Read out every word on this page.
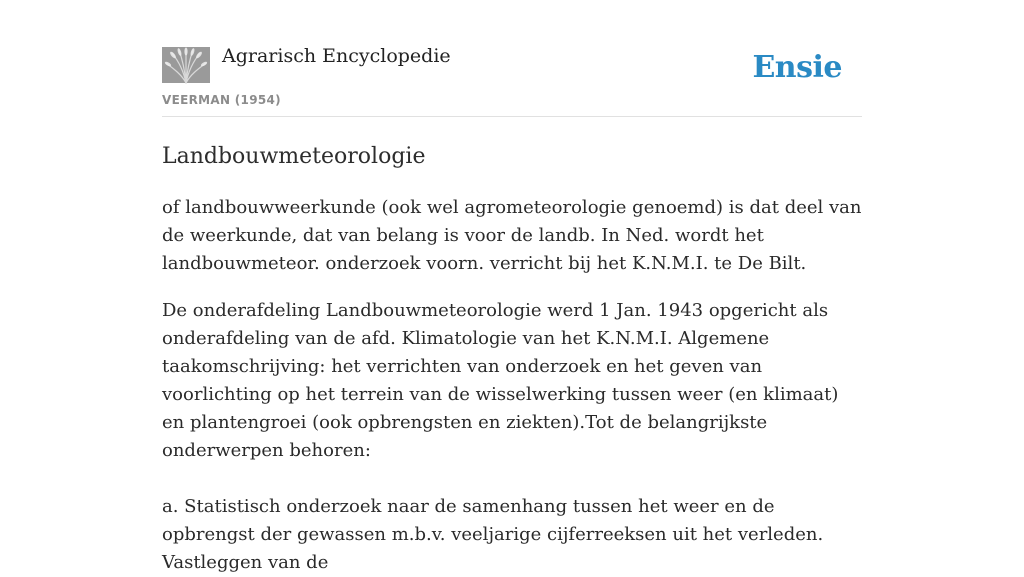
Agrarisch Encyclopedie
VEERMAN (1954)
Ensie
Landbouwmeteorologie

of landbouwweerkunde (ook wel agrometeorologie genoemd) is dat deel van de weerkunde, dat van belang is voor de landb. In Ned. wordt het landbouwmeteor. onderzoek voorn. verricht bij het K.N.M.I. te De Bilt.

De onderafdeling Landbouwmeteorologie werd 1 Jan. 1943 opgericht als onderafdeling van de afd. Klimatologie van het K.N.M.I. Algemene taakomschrijving: het verrichten van onderzoek en het geven van voorlichting op het terrein van de wisselwerking tussen weer (en klimaat) en plantengroei (ook opbrengsten en ziekten).Tot de belangrijkste onderwerpen behoren:

a. Statistisch onderzoek naar de samenhang tussen het weer en de opbrengst der gewassen m.b.v. veeljarige cijferreeksen uit het verleden. Vastleggen van de
